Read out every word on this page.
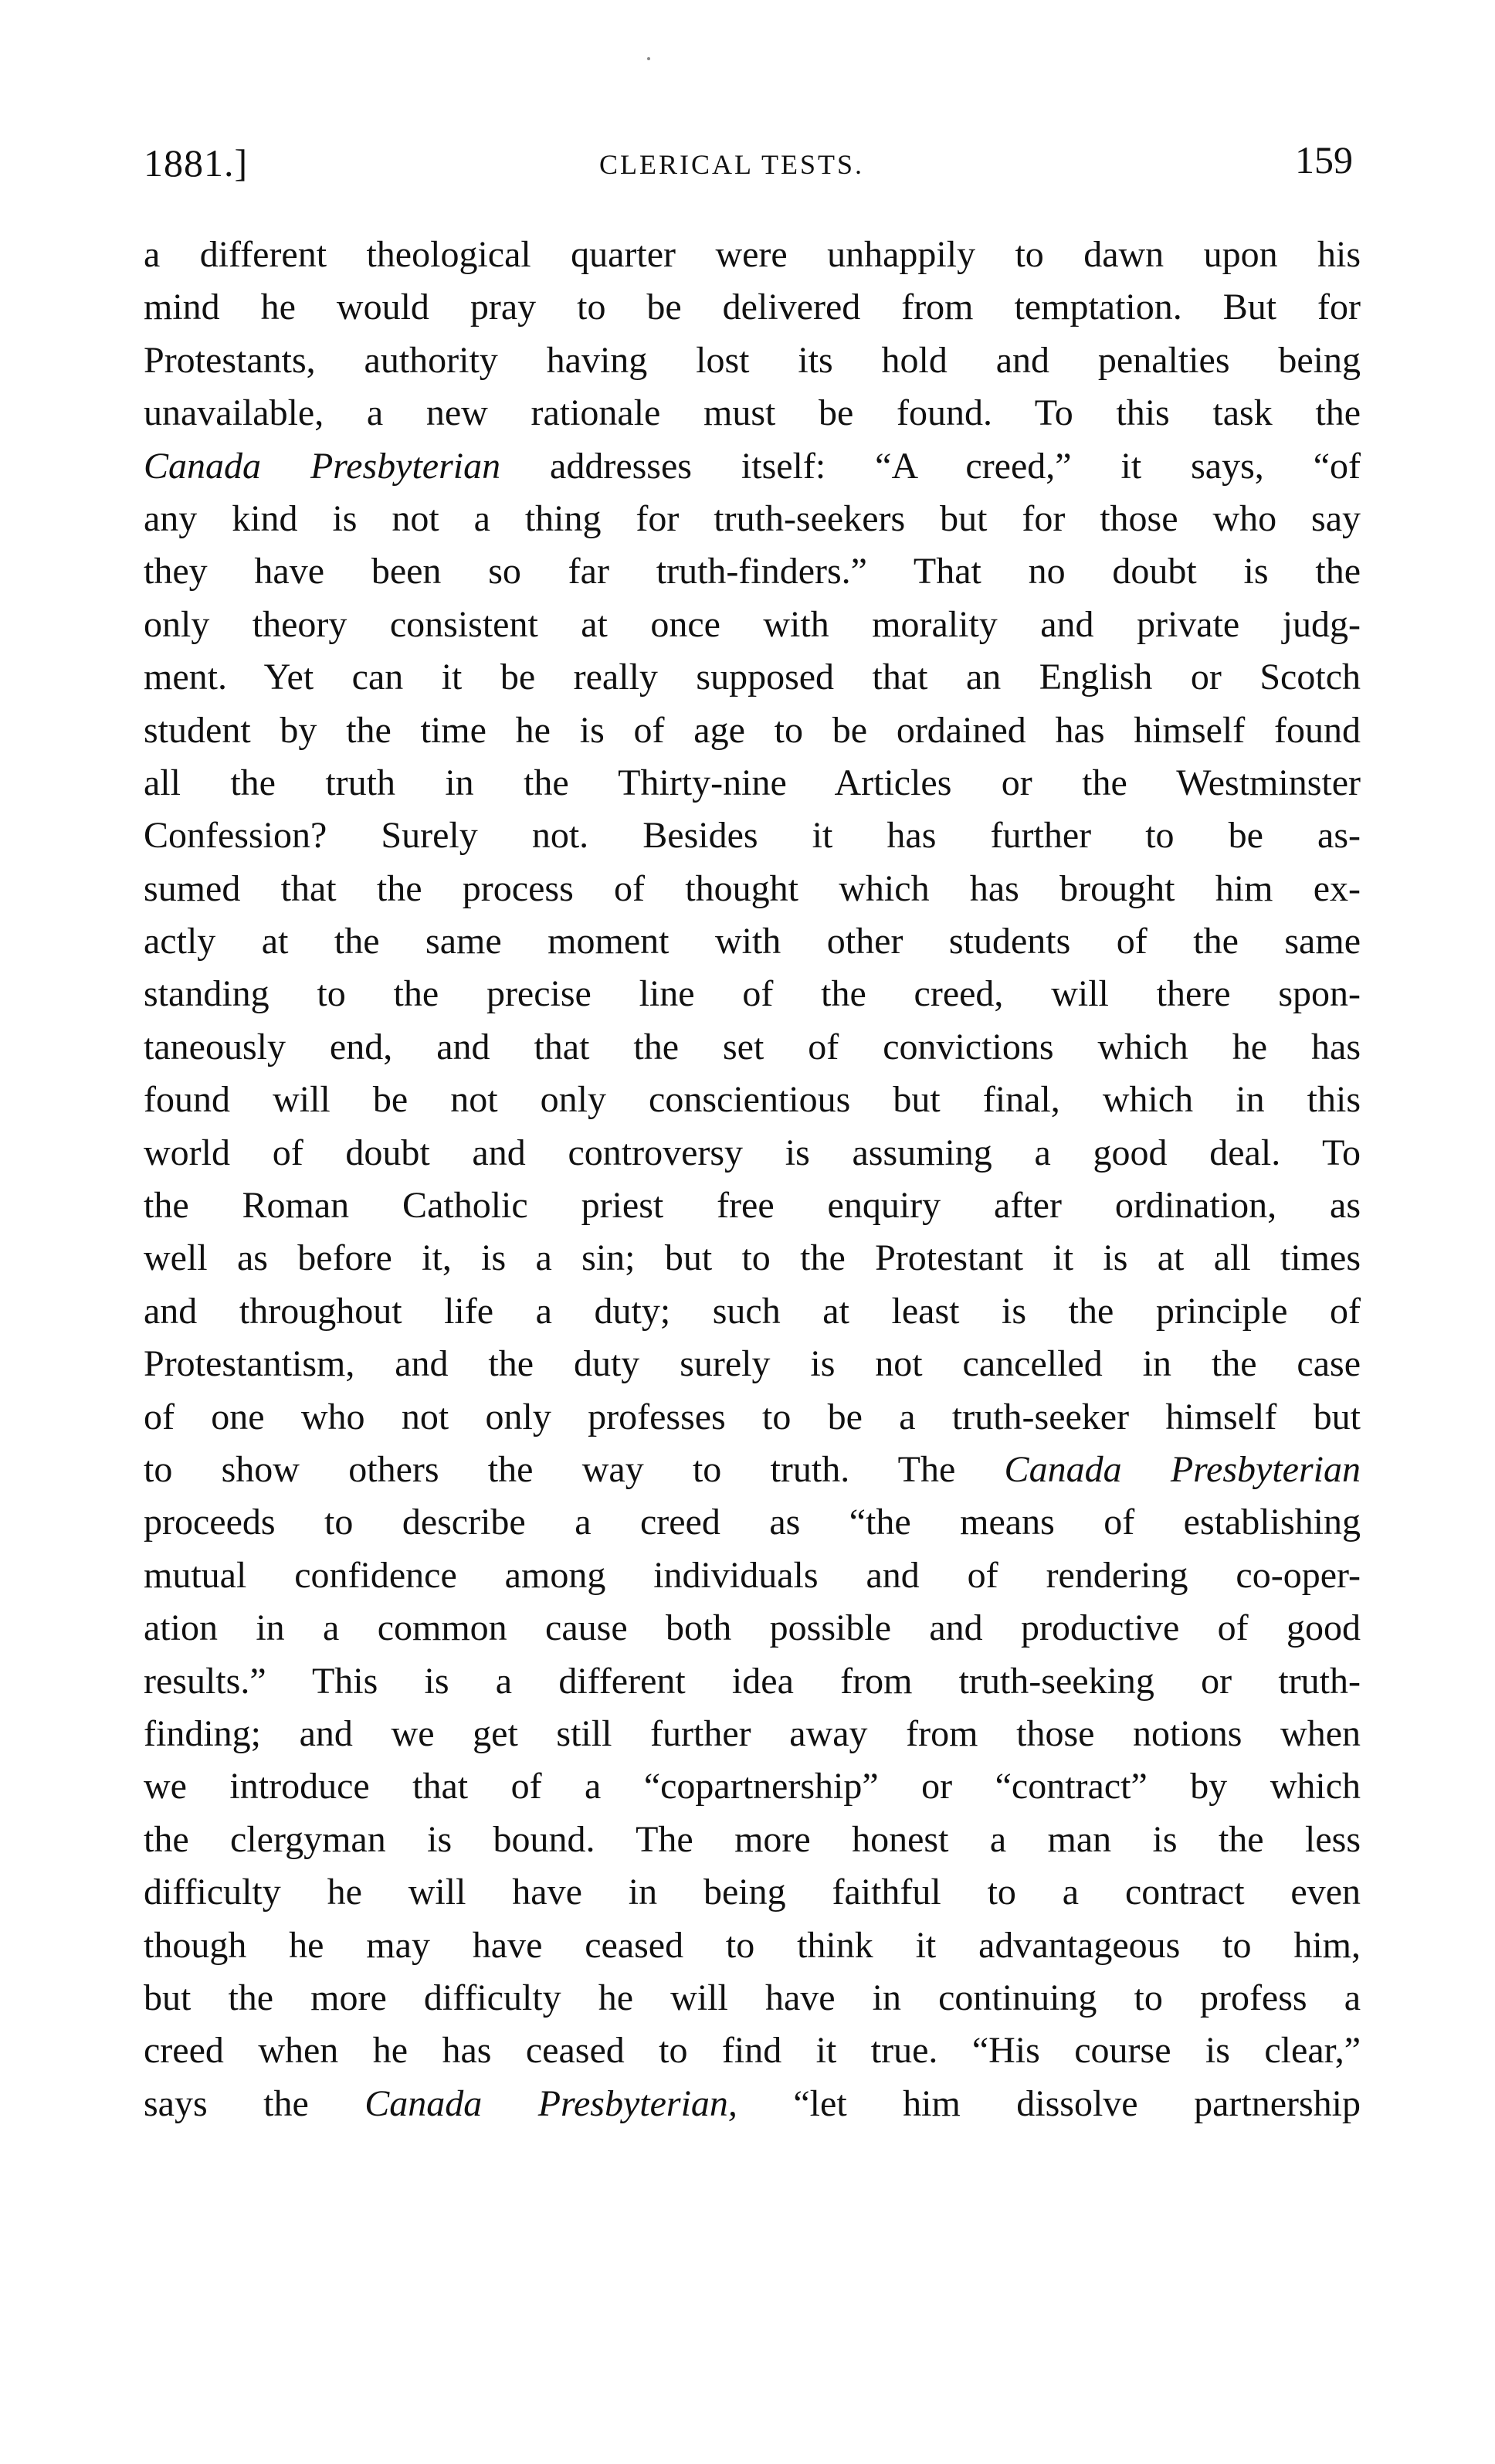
1881.]	CLERICAL TESTS.	159
a different theological quarter were unhappily to dawn upon his
mind he would pray to be delivered from temptation. But for
Protestants, authority having lost its hold and penalties being
unavailable, a new rationale must be found. To this task the
Canada Presbyterian addresses itself: “A creed,” it says, “of
any kind is not a thing for truth-seekers but for those who say
they have been so far truth-finders.” That no doubt is the
only theory consistent at once with morality and private judg-
ment. Yet can it be really supposed that an English or Scotch
student by the time he is of age to be ordained has himself found
all the truth in the Thirty-nine Articles or the Westminster
Confession? Surely not. Besides it has further to be as-
sumed that the process of thought which has brought him ex-
actly at the same moment with other students of the same
standing to the precise line of the creed, will there spon-
taneously end, and that the set of convictions which he has
found will be not only conscientious but final, which in this
world of doubt and controversy is assuming a good deal. To
the Roman Catholic priest free enquiry after ordination, as
well as before it, is a sin; but to the Protestant it is at all times
and throughout life a duty; such at least is the principle of
Protestantism, and the duty surely is not cancelled in the case
of one who not only professes to be a truth-seeker himself but
to show others the way to truth. The Canada Presbyterian
proceeds to describe a creed as “the means of establishing
mutual confidence among individuals and of rendering co-oper-
ation in a common cause both possible and productive of good
results.” This is a different idea from truth-seeking or truth-
finding; and we get still further away from those notions when
we introduce that of a “copartnership” or “contract” by which
the clergyman is bound. The more honest a man is the less
difficulty he will have in being faithful to a contract even
though he may have ceased to think it advantageous to him,
but the more difficulty he will have in continuing to profess a
creed when he has ceased to find it true. “His course is clear,”
says the Canada Presbyterian, “let him dissolve partnership
